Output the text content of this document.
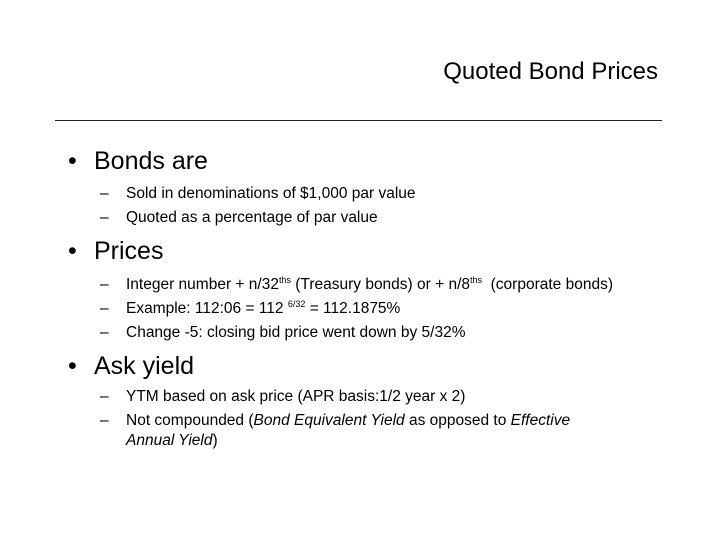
Quoted Bond Prices
• Bonds are
– Sold in denominations of $1,000 par value
– Quoted as a percentage of par value
• Prices
– Integer number + $n/32^{ths}$ (Treasury bonds) or + $n/8^{ths}$  (corporate bonds)
– Example: 112:06 = 112 $^{6/32}$ = 112.1875%
– Change -5: closing bid price went down by 5/32%
• Ask yield
– YTM based on ask price (APR basis:1/2 year x 2)
– Not compounded (Bond Equivalent Yield as opposed to Effective
Annual Yield)
